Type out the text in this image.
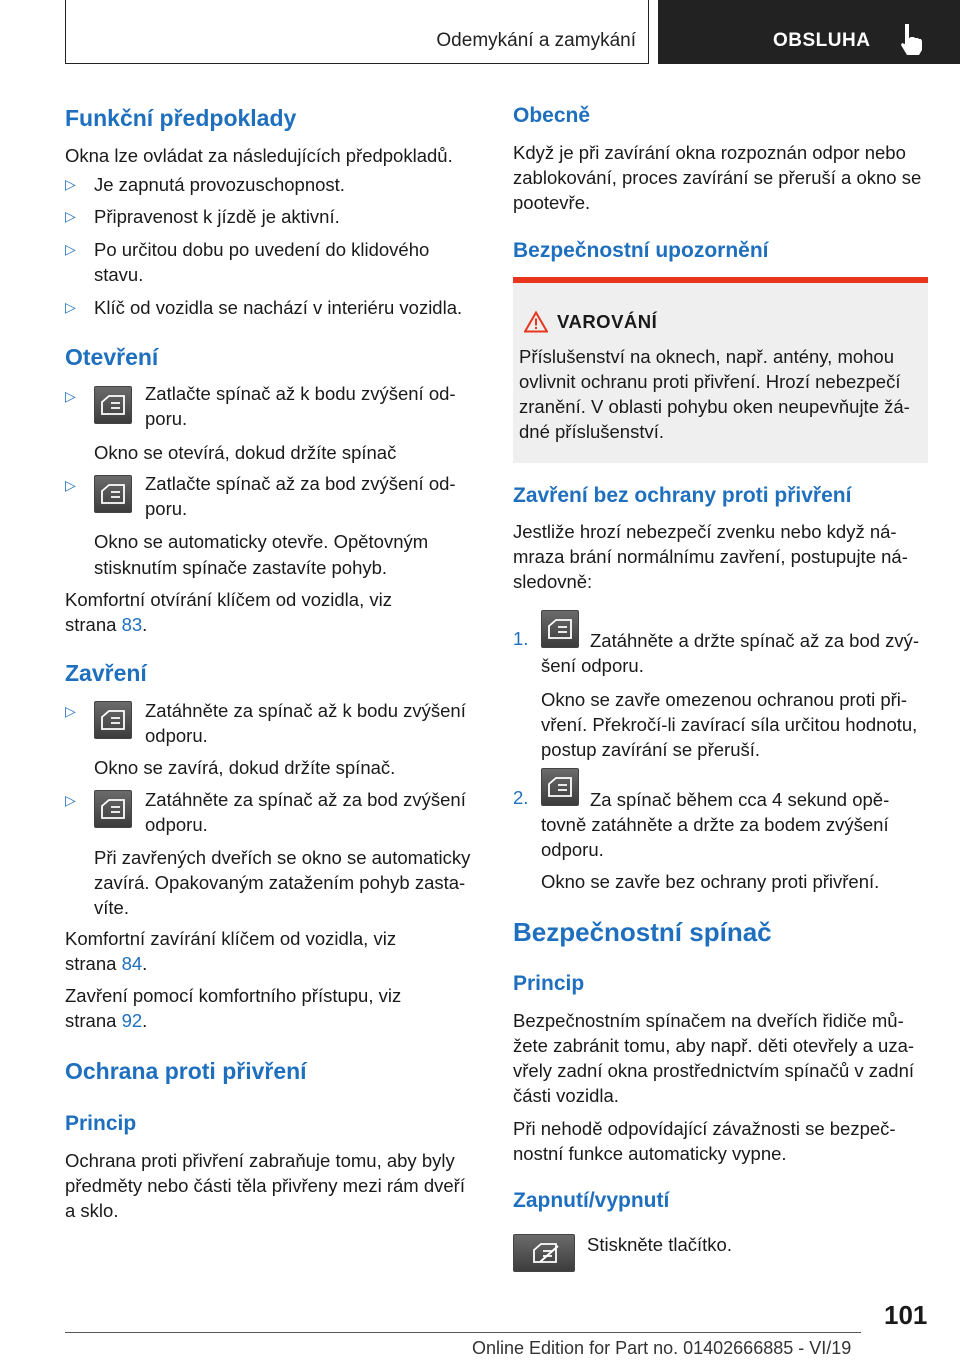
Odemykání a zamykání	OBSLUHA
Funkční předpoklady

Okna lze ovládat za následujících předpokladů.

▷ Je zapnutá provozuschopnost.

▷ Připravenost k jízdě je aktivní.

▷ Po určitou dobu po uvedení do klidového

stavu.

▷ Klíč od vozidla se nachází v interiéru vozidla.

Otevření
▷	Zatlačte spínač až k bodu zvýšení od-

poru.

Okno se otevírá, dokud držíte spínač

▷	Zatlačte spínač až za bod zvýšení od-

poru.

Okno se automaticky otevře. Opětovným

stisknutím spínače zastavíte pohyb.

Komfortní otvírání klíčem od vozidla, viz

strana 83.

Zavření
▷	Zatáhněte za spínač až k bodu zvýšení

odporu.

Okno se zavírá, dokud držíte spínač.

▷	Zatáhněte za spínač až za bod zvýšení

odporu.

Při zavřených dveřích se okno se automaticky

zavírá. Opakovaným zatažením pohyb zasta-

víte.

Komfortní zavírání klíčem od vozidla, viz

strana 84.

Zavření pomocí komfortního přístupu, viz

strana 92.

Ochrana proti přivření
Princip

Ochrana proti přivření zabraňuje tomu, aby byly

předměty nebo části těla přivřeny mezi rám dveří

a sklo.

Obecně

Když je při zavírání okna rozpoznán odpor nebo

zablokování, proces zavírání se přeruší a okno se

pootevře.

Bezpečnostní upozornění
VAROVÁNÍ

Příslušenství na oknech, např. antény, mohou

ovlivnit ochranu proti přivření. Hrozí nebezpečí

zranění. V oblasti pohybu oken neupevňujte žá-

dné příslušenství.

Zavření bez ochrany proti přivření

Jestliže hrozí nebezpečí zvenku nebo když ná-

mraza brání normálnímu zavření, postupujte ná-

sledovně:

1.	Zatáhněte a držte spínač až za bod zvý-

šení odporu.

Okno se zavře omezenou ochranou proti při-

vření. Překročí-li zavírací síla určitou hodnotu,

postup zavírání se přeruší.

2.	Za spínač během cca 4 sekund opě-

tovně zatáhněte a držte za bodem zvýšení

odporu.

Okno se zavře bez ochrany proti přivření.

Bezpečnostní spínač
Princip

Bezpečnostním spínačem na dveřích řidiče mů-

žete zabránit tomu, aby např. děti otevřely a uza-

vřely zadní okna prostřednictvím spínačů v zadní

části vozidla.

Při nehodě odpovídající závažnosti se bezpeč-

nostní funkce automaticky vypne.

Zapnutí/vypnutí

Stiskněte tlačítko.

101
Online Edition for Part no. 01402666885 - VI/19
